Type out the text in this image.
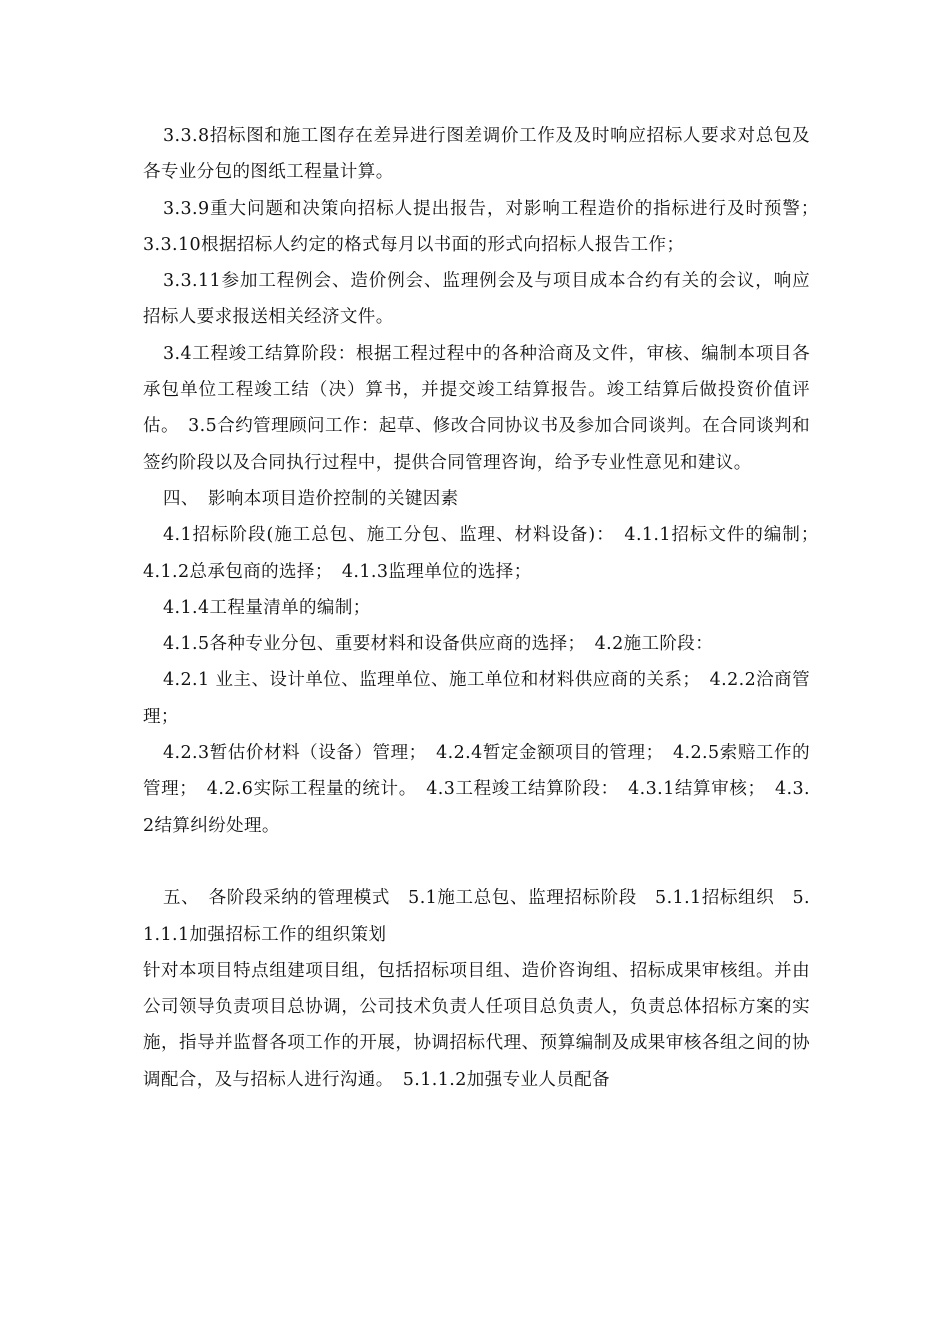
3.3.8招标图和施工图存在差异进行图差调价工作及及时响应招标人要求对总包及各专业分包的图纸工程量计算。

3.3.9重大问题和决策向招标人提出报告，对影响工程造价的指标进行及时预警；　3.3.10根据招标人约定的格式每月以书面的形式向招标人报告工作；

3.3.11参加工程例会、造价例会、监理例会及与项目成本合约有关的会议，响应招标人要求报送相关经济文件。

3.4工程竣工结算阶段：根据工程过程中的各种洽商及文件，审核、编制本项目各承包单位工程竣工结（决）算书，并提交竣工结算报告。竣工结算后做投资价值评估。　3.5合约管理顾问工作：起草、修改合同协议书及参加合同谈判。在合同谈判和签约阶段以及合同执行过程中，提供合同管理咨询，给予专业性意见和建议。

四、　影响本项目造价控制的关键因素

4.1招标阶段(施工总包、施工分包、监理、材料设备)：　4.1.1招标文件的编制；　4.1.2总承包商的选择；　4.1.3监理单位的选择；

4.1.4工程量清单的编制；

4.1.5各种专业分包、重要材料和设备供应商的选择；　4.2施工阶段：

4.2.1 业主、设计单位、监理单位、施工单位和材料供应商的关系；　4.2.2洽商管理；

4.2.3暂估价材料（设备）管理；　4.2.4暂定金额项目的管理；　4.2.5索赔工作的管理；　4.2.6实际工程量的统计。　4.3工程竣工结算阶段：　4.3.1结算审核；　4.3.2结算纠纷处理。

五、　各阶段采纳的管理模式　5.1施工总包、监理招标阶段　5.1.1招标组织　5.1.1.1加强招标工作的组织策划

针对本项目特点组建项目组，包括招标项目组、造价咨询组、招标成果审核组。并由公司领导负责项目总协调，公司技术负责人任项目总负责人，负责总体招标方案的实施，指导并监督各项工作的开展，协调招标代理、预算编制及成果审核各组之间的协调配合，及与招标人进行沟通。　5.1.1.2加强专业人员配备
